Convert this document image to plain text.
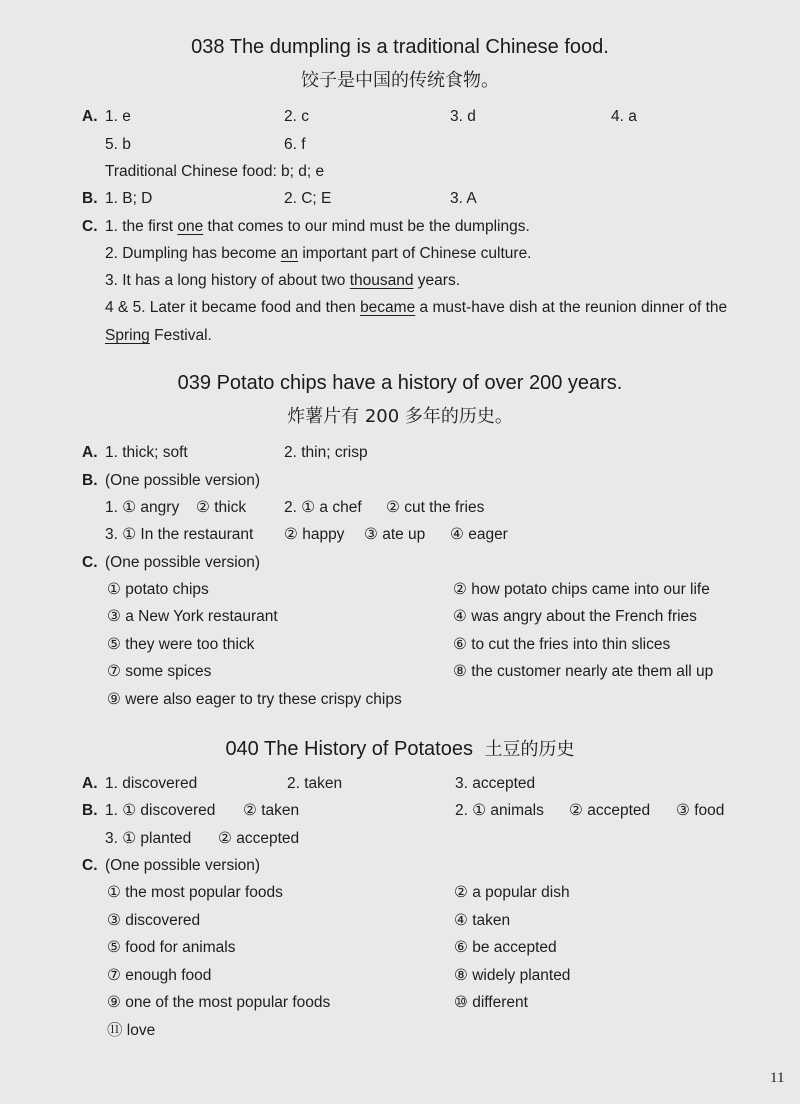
038 The dumpling is a traditional Chinese food.
饺子是中国的传统食物。
A. 1. e	2. c	3. d	4. a
5. b	6. f
Traditional Chinese food: b; d; e
B. 1. B; D	2. C; E	3. A
C. 1. the first one that comes to our mind must be the dumplings.
2. Dumpling has become an important part of Chinese culture.
3. It has a long history of about two thousand years.
4 & 5. Later it became food and then became a must-have dish at the reunion dinner of the
Spring Festival.
039 Potato chips have a history of over 200 years.
炸薯片有 200 多年的历史。
A. 1. thick; soft	2. thin; crisp
B. (One possible version)
1. ① angry ② thick 2. ① a chef ② cut the fries
3. ① In the restaurant ② happy ③ ate up ④ eager
C. (One possible version)
① potato chips	② how potato chips came into our life
③ a New York restaurant	④ was angry about the French fries
⑤ they were too thick	⑥ to cut the fries into thin slices
⑦ some spices	⑧ the customer nearly ate them all up
⑨ were also eager to try these crispy chips
040 The History of Potatoes 土豆的历史
A. 1. discovered	2. taken	3. accepted
B. 1. ① discovered ② taken	2. ① animals ② accepted ③ food
3. ① planted ② accepted
C. (One possible version)
① the most popular foods	② a popular dish
③ discovered	④ taken
⑤ food for animals	⑥ be accepted
⑦ enough food	⑧ widely planted
⑨ one of the most popular foods	⑩ different
⑪ love
11
